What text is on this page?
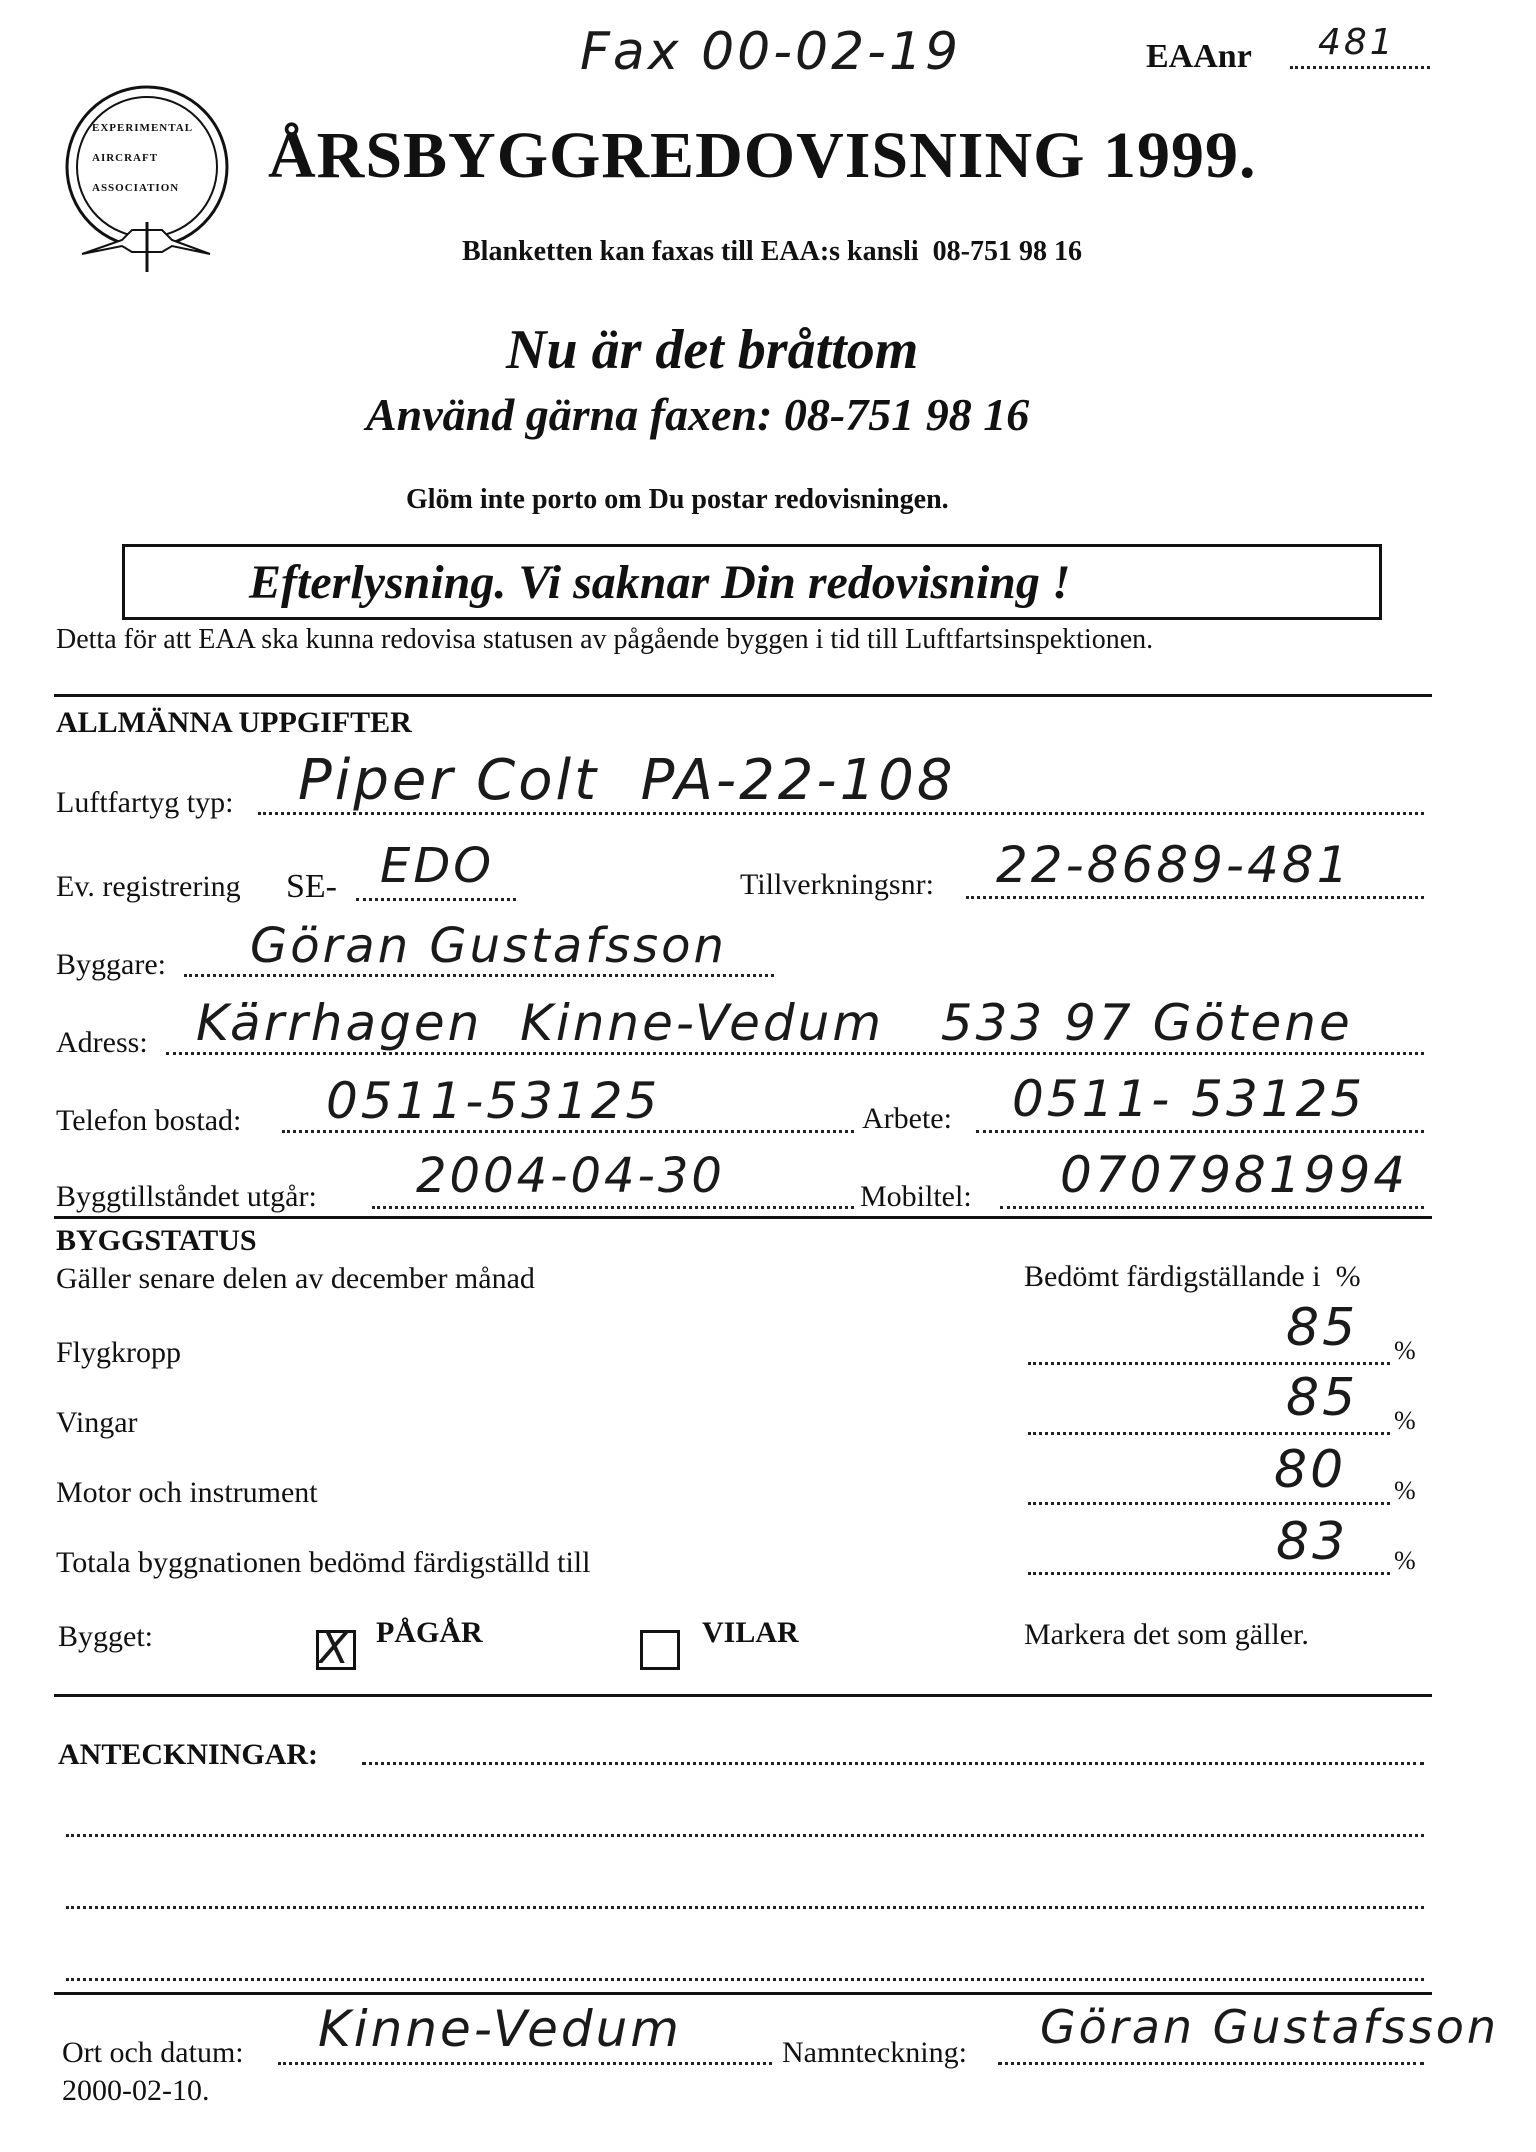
Fax 00-02-19	EAAnr 481
EXPERIMENTAL
AIRCRAFT
ASSOCIATION ÅRSBYGGREDOVISNING 1999.
Blanketten kan faxas till EAA:s kansli  08-751 98 16
Nu är det bråttom
Använd gärna faxen: 08-751 98 16
Glöm inte porto om Du postar redovisningen.
Efterlysning. Vi saknar Din redovisning !
Detta för att EAA ska kunna redovisa statusen av pågående byggen i tid till Luftfartsinspektionen.
ALLMÄNNA UPPGIFTER
Luftfartyg typ: Piper Colt  PA-22-108
Ev. registrering SE- EDO	Tillverkningsnr: 22-8689-481
Byggare: Göran Gustafsson
Adress: Kärrhagen  Kinne-Vedum   533 97 Götene
Telefon bostad: 0511-53125	Arbete: 0511- 53125
Byggtillståndet utgår: 2004-04-30	Mobiltel: 0707981994
BYGGSTATUS
Gäller senare delen av december månad	Bedömt färdigställande i  %
Flygkropp	85 %
Vingar	85 %
Motor och instrument	80 %
Totala byggnationen bedömd färdigställd till	83 %
Bygget:	X PÅGÅR	VILAR	Markera det som gäller.
ANTECKNINGAR:
Ort och datum: Kinne-Vedum
2000-02-10.
Namnteckning: Göran Gustafsson
